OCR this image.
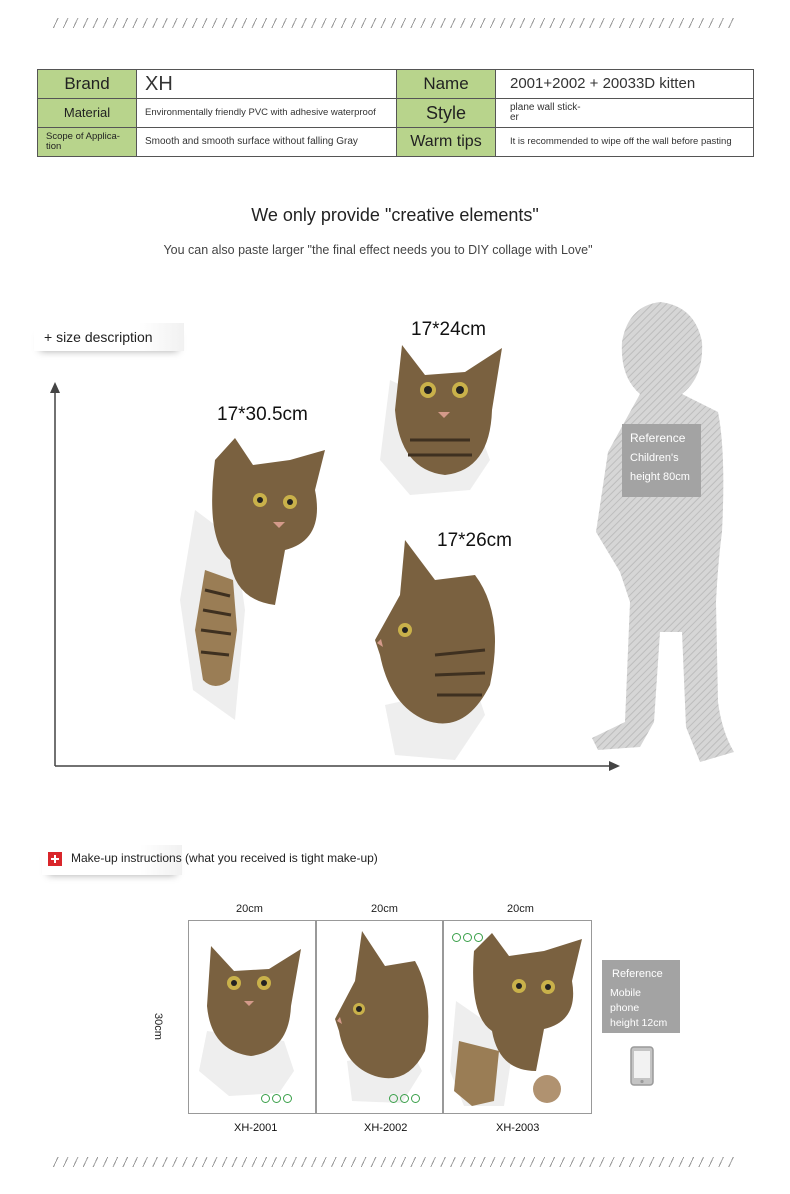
Brand	XH	Name	2001+2002 + 20033D kitten
Material	Environmentally friendly PVC with adhesive waterproof	Style	plane wall stick-
er
Scope of Applica-
tion	Smooth and smooth surface without falling Gray	Warm tips	It is recommended to wipe off the wall before pasting
We only provide "creative elements"
You can also paste larger "the final effect needs you to DIY collage with Love"
+ size description
17*30.5cm
17*24cm
17*26cm
Reference
Children's
height 80cm
Make-up instructions (what you received is tight make-up)
20cm	20cm	20cm
30cm
XH-2001	XH-2002	XH-2003
Reference
Mobile
phone
height 12cm
